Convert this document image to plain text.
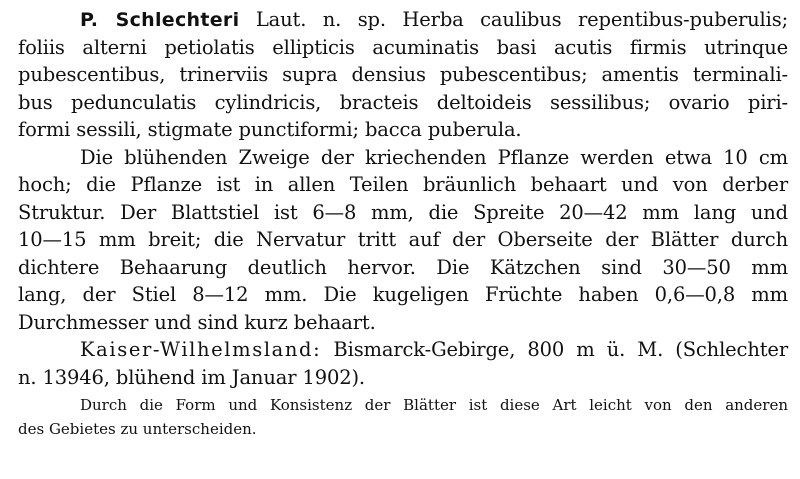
P. Schlechteri Laut. n. sp. Herba caulibus repentibus-puberulis;
foliis alterni petiolatis ellipticis acuminatis basi acutis firmis utrinque
pubescentibus, trinerviis supra densius pubescentibus; amentis terminali-
bus pedunculatis cylindricis, bracteis deltoideis sessilibus; ovario piri-
formi sessili, stigmate punctiformi; bacca puberula.
Die blühenden Zweige der kriechenden Pflanze werden etwa 10 cm
hoch; die Pflanze ist in allen Teilen bräunlich behaart und von derber
Struktur. Der Blattstiel ist 6—8 mm, die Spreite 20—42 mm lang und
10—15 mm breit; die Nervatur tritt auf der Oberseite der Blätter durch
dichtere Behaarung deutlich hervor. Die Kätzchen sind 30—50 mm
lang, der Stiel 8—12 mm. Die kugeligen Früchte haben 0,6—0,8 mm
Durchmesser und sind kurz behaart.
Kaiser-Wilhelmsland: Bismarck-Gebirge, 800 m ü. M. (Schlechter
n. 13946, blühend im Januar 1902).
Durch die Form und Konsistenz der Blätter ist diese Art leicht von den anderen
des Gebietes zu unterscheiden.
